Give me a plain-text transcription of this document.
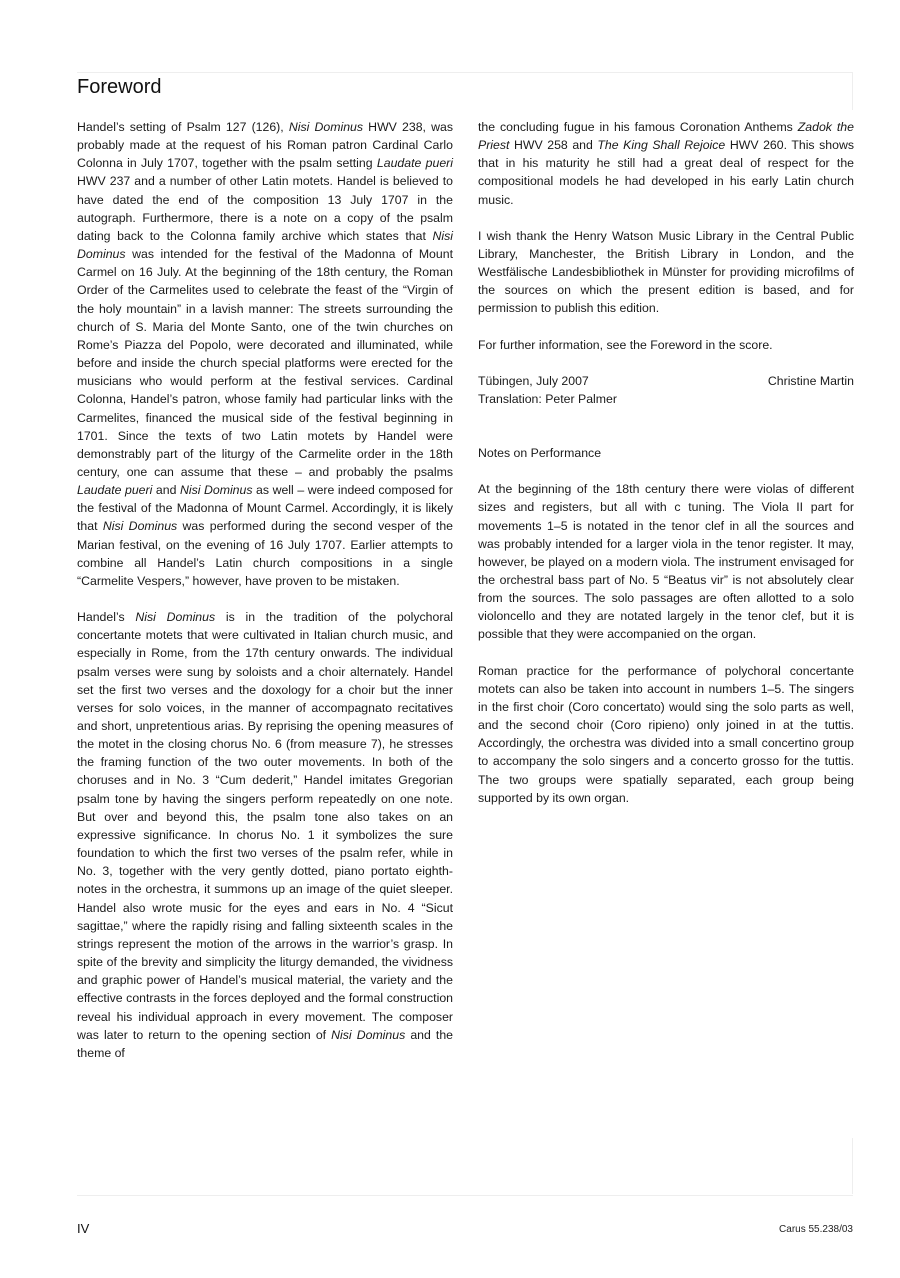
Foreword

Handel’s setting of Psalm 127 (126), Nisi Dominus HWV 238, was probably made at the request of his Roman patron Cardinal Carlo Colonna in July 1707, together with the psalm setting Laudate pueri HWV 237 and a number of other Latin motets. Handel is believed to have dated the end of the composition 13 July 1707 in the autograph. Furthermore, there is a note on a copy of the psalm dating back to the Colonna family archive which states that Nisi Dominus was intended for the festival of the Madonna of Mount Carmel on 16 July. At the beginning of the 18th century, the Roman Order of the Carmelites used to celebrate the feast of the “Virgin of the holy mountain” in a lavish manner: The streets surrounding the church of S. Maria del Monte Santo, one of the twin churches on Rome’s Piazza del Popolo, were decorated and illuminated, while before and inside the church special platforms were erected for the musicians who would perform at the festival services. Cardinal Colonna, Handel’s patron, whose family had particular links with the Carmelites, financed the musical side of the festival beginning in 1701. Since the texts of two Latin motets by Handel were demonstrably part of the liturgy of the Carmelite order in the 18th century, one can assume that these – and probably the psalms Laudate pueri and Nisi Dominus as well – were indeed composed for the festival of the Madonna of Mount Carmel. Accordingly, it is likely that Nisi Dominus was performed during the second vesper of the Marian festival, on the evening of 16 July 1707. Earlier attempts to combine all Handel’s Latin church compositions in a single “Carmelite Vespers,” however, have proven to be mistaken.

Handel’s Nisi Dominus is in the tradition of the polychoral concertante motets that were cultivated in Italian church music, and especially in Rome, from the 17th century onwards. The individual psalm verses were sung by soloists and a choir alternately. Handel set the first two verses and the doxology for a choir but the inner verses for solo voices, in the manner of accompagnato recitatives and short, unpretentious arias. By reprising the opening measures of the motet in the closing chorus No. 6 (from measure 7), he stresses the framing function of the two outer movements. In both of the choruses and in No. 3 “Cum dederit,” Handel imitates Gregorian psalm tone by having the singers perform repeatedly on one note. But over and beyond this, the psalm tone also takes on an expressive significance. In chorus No. 1 it symbolizes the sure foundation to which the first two verses of the psalm refer, while in No. 3, together with the very gently dotted, piano portato eighth-notes in the orchestra, it summons up an image of the quiet sleeper. Handel also wrote music for the eyes and ears in No. 4 “Sicut sagittae,” where the rapidly rising and falling sixteenth scales in the strings represent the motion of the arrows in the warrior’s grasp. In spite of the brevity and simplicity the liturgy demanded, the vividness and graphic power of Handel’s musical material, the variety and the effective contrasts in the forces deployed and the formal construction reveal his individual approach in every movement. The composer was later to return to the opening section of Nisi Dominus and the theme of

the concluding fugue in his famous Coronation Anthems Zadok the Priest HWV 258 and The King Shall Rejoice HWV 260. This shows that in his maturity he still had a great deal of respect for the compositional models he had developed in his early Latin church music.

I wish thank the Henry Watson Music Library in the Central Public Library, Manchester, the British Library in London, and the Westfälische Landesbibliothek in Münster for providing microfilms of the sources on which the present edition is based, and for permission to publish this edition.

For further information, see the Foreword in the score.

Tübingen, July 2007	Christine Martin
Translation: Peter Palmer
Notes on Performance

At the beginning of the 18th century there were violas of different sizes and registers, but all with c tuning. The Viola II part for movements 1–5 is notated in the tenor clef in all the sources and was probably intended for a larger viola in the tenor register. It may, however, be played on a modern viola. The instrument envisaged for the orchestral bass part of No. 5 “Beatus vir” is not absolutely clear from the sources. The solo passages are often allotted to a solo violoncello and they are notated largely in the tenor clef, but it is possible that they were accompanied on the organ.

Roman practice for the performance of polychoral concertante motets can also be taken into account in numbers 1–5. The singers in the first choir (Coro concertato) would sing the solo parts as well, and the second choir (Coro ripieno) only joined in at the tuttis. Accordingly, the orchestra was divided into a small concertino group to accompany the solo singers and a concerto grosso for the tuttis. The two groups were spatially separated, each group being supported by its own organ.

IV	Carus 55.238/03
